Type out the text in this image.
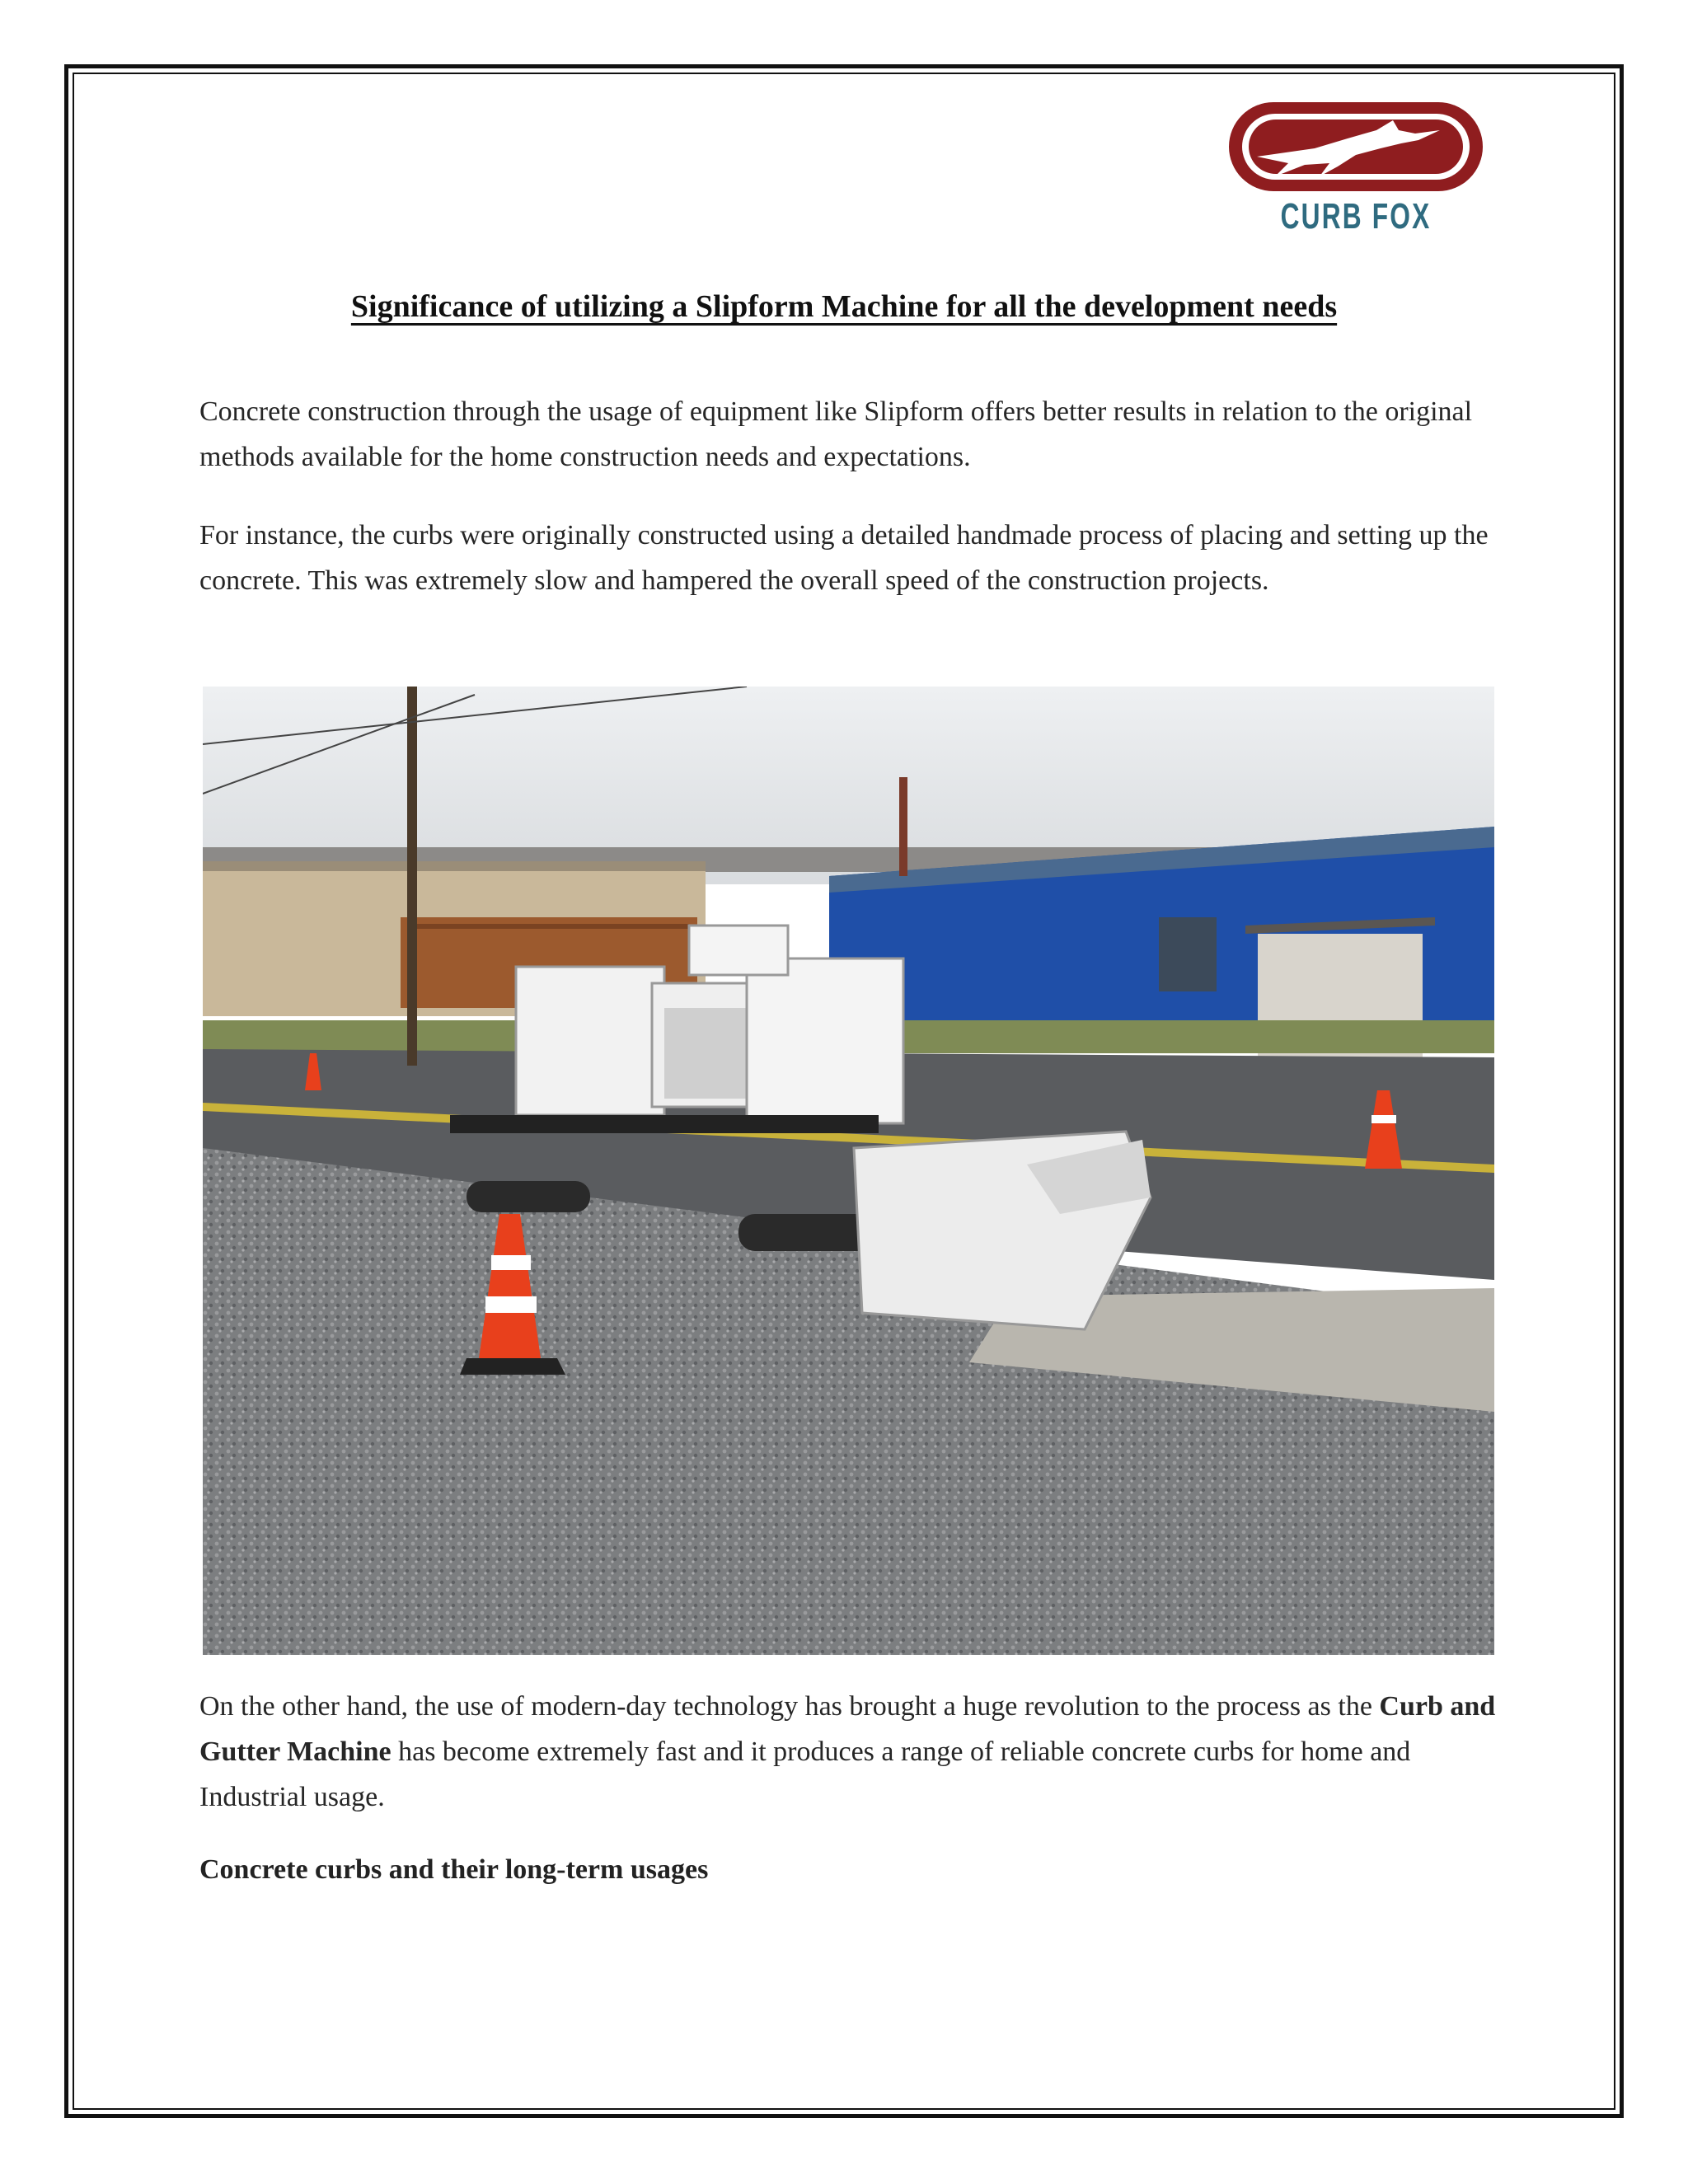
CURB FOX
Significance of utilizing a Slipform Machine for all the development needs

Concrete construction through the usage of equipment like Slipform offers better results in relation to the original methods available for the home construction needs and expectations.

For instance, the curbs were originally constructed using a detailed handmade process of placing and setting up the concrete. This was extremely slow and hampered the overall speed of the construction projects.

On the other hand, the use of modern-day technology has brought a huge revolution to the process as the Curb and Gutter Machine has become extremely fast and it produces a range of reliable concrete curbs for home and Industrial usage.

Concrete curbs and their long-term usages
